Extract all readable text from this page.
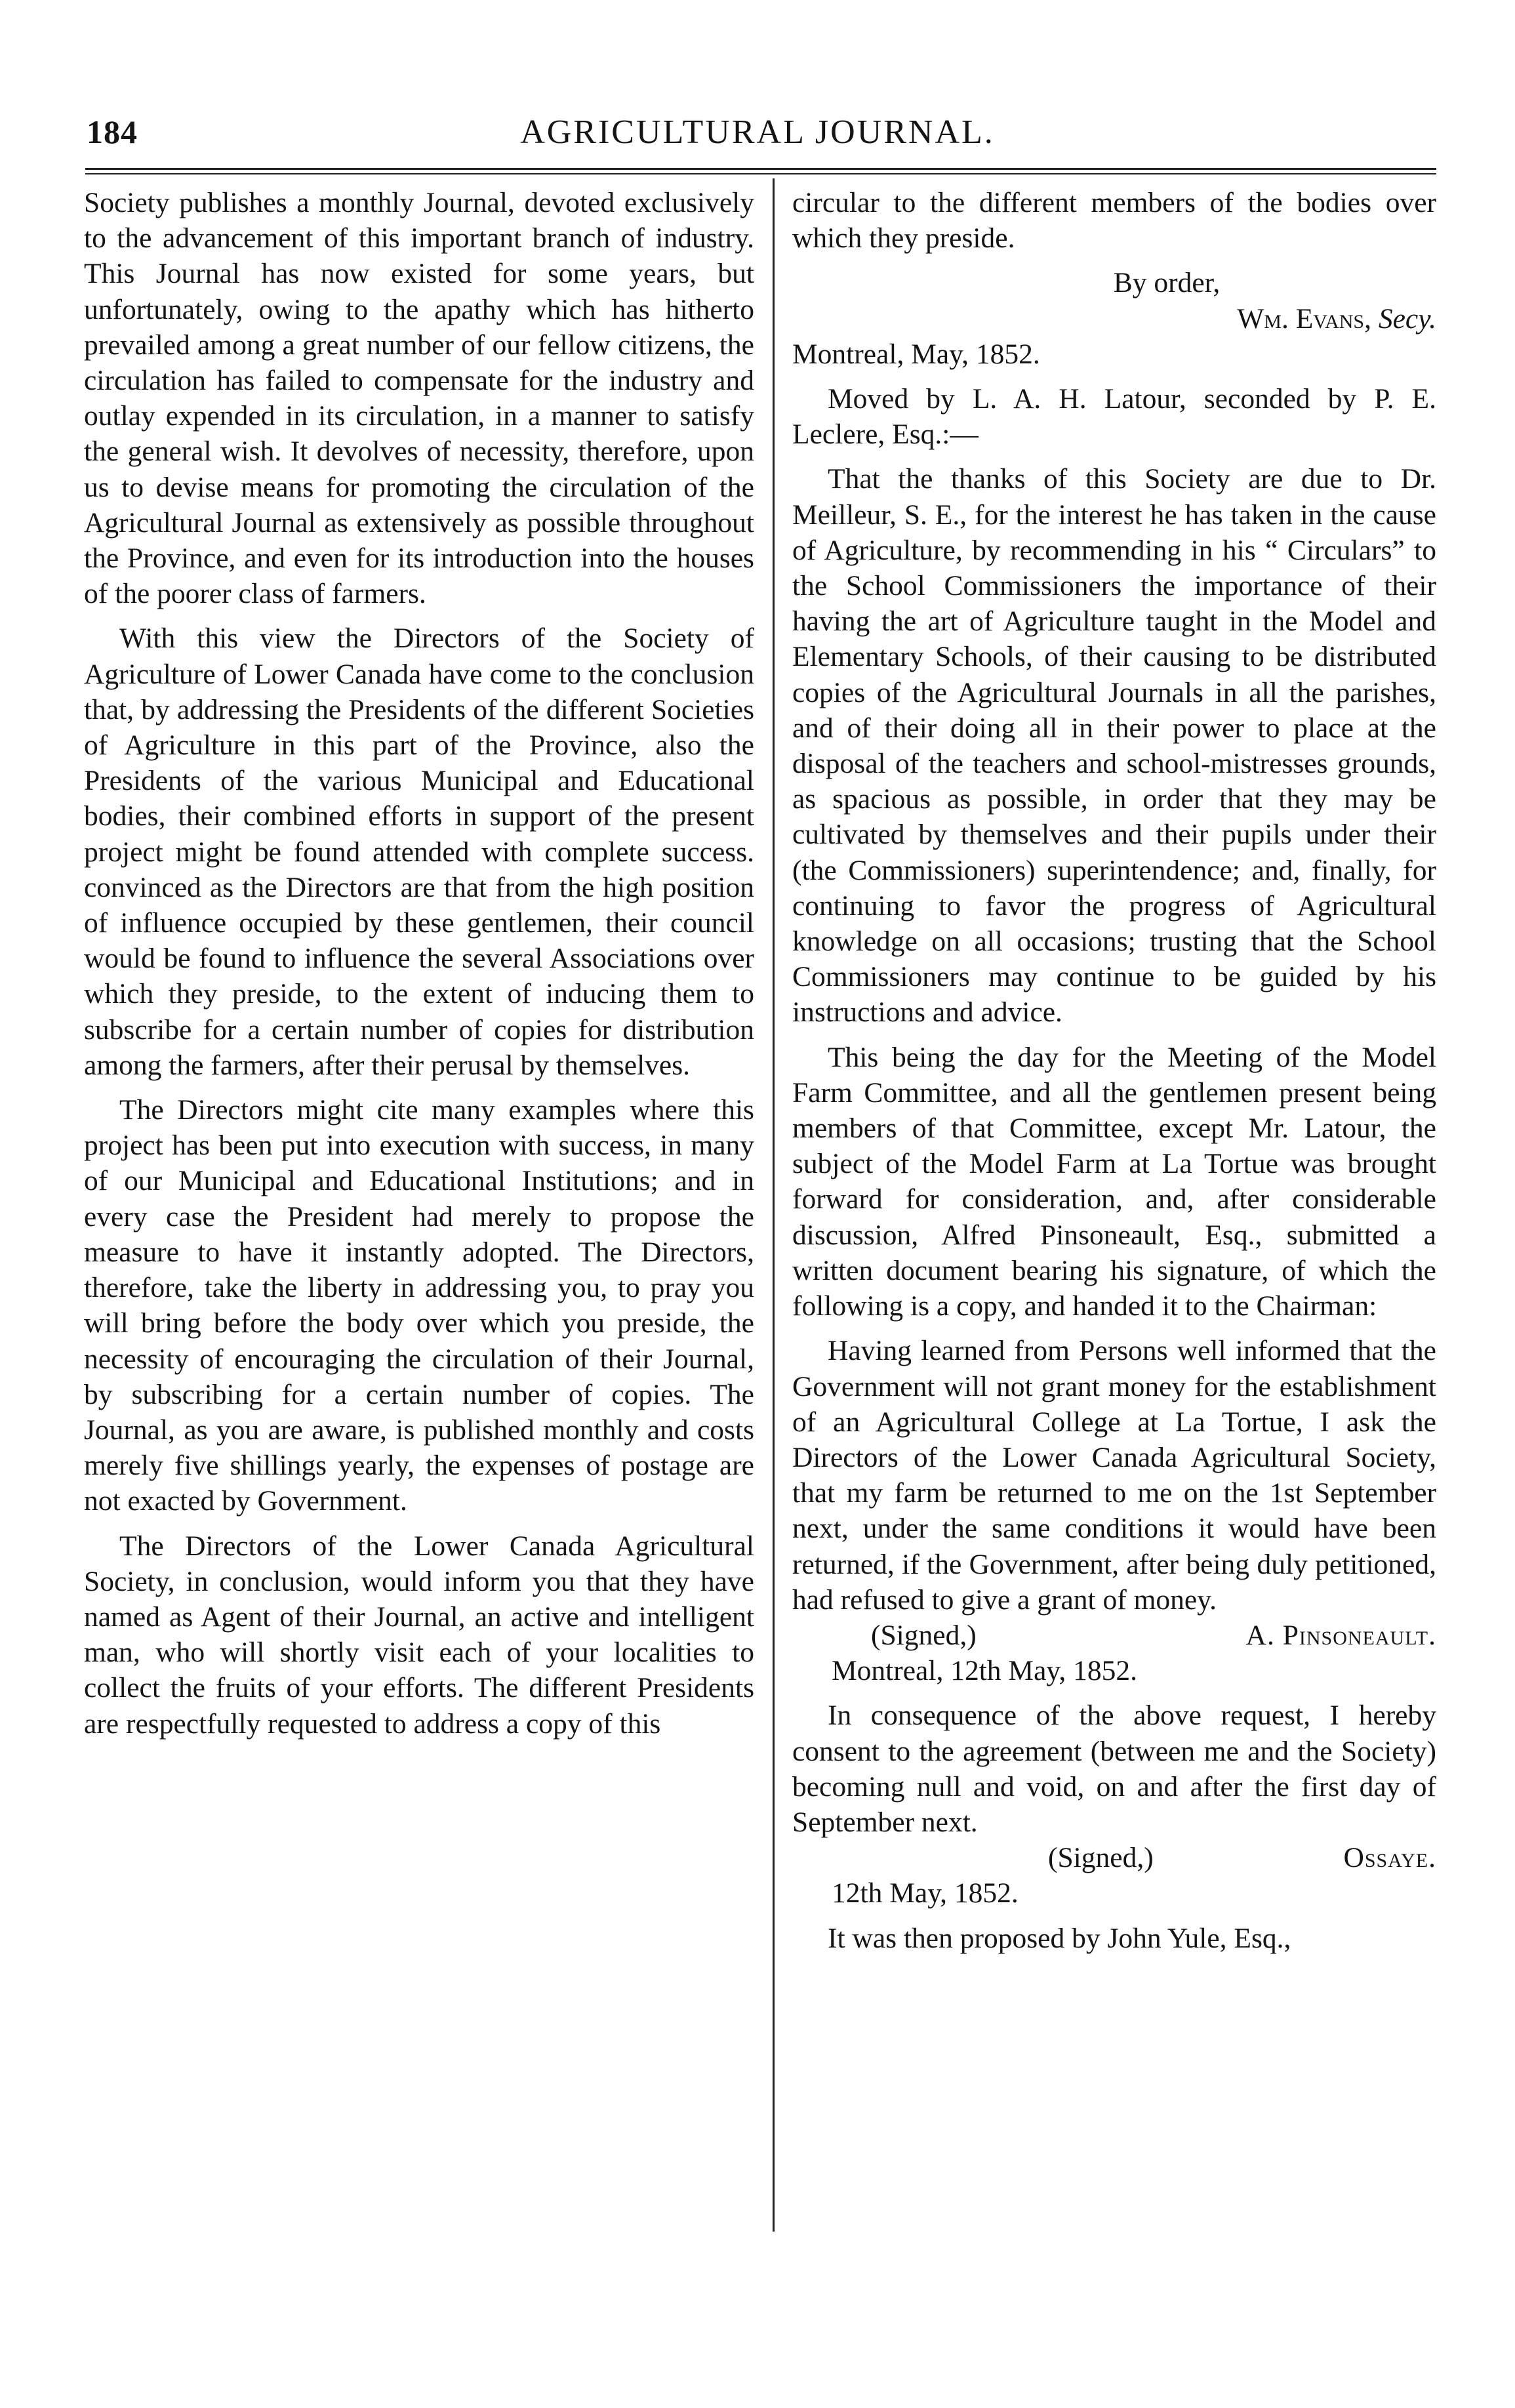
184	AGRICULTURAL JOURNAL.

Society publishes a monthly Journal, devoted exclusively to the advancement of this important branch of industry. This Journal has now existed for some years, but unfortunately, owing to the apathy which has hitherto prevailed among a great number of our fellow citizens, the circulation has failed to compensate for the industry and outlay expended in its circulation, in a manner to satisfy the general wish. It devolves of necessity, therefore, upon us to devise means for promoting the circulation of the Agricultural Journal as extensively as possible throughout the Province, and even for its introduction into the houses of the poorer class of farmers.

With this view the Directors of the Society of Agriculture of Lower Canada have come to the conclusion that, by addressing the Presidents of the different Societies of Agriculture in this part of the Province, also the Presidents of the various Municipal and Educational bodies, their combined efforts in support of the present project might be found attended with complete success. convinced as the Directors are that from the high position of influence occupied by these gentlemen, their council would be found to influence the several Associations over which they preside, to the extent of inducing them to subscribe for a certain number of copies for distribution among the farmers, after their perusal by themselves.

The Directors might cite many examples where this project has been put into execution with success, in many of our Municipal and Educational Institutions; and in every case the President had merely to propose the measure to have it instantly adopted. The Directors, therefore, take the liberty in addressing you, to pray you will bring before the body over which you preside, the necessity of encouraging the circulation of their Journal, by subscribing for a certain number of copies. The Journal, as you are aware, is published monthly and costs merely five shillings yearly, the expenses of postage are not exacted by Government.

The Directors of the Lower Canada Agricultural Society, in conclusion, would inform you that they have named as Agent of their Journal, an active and intelligent man, who will shortly visit each of your localities to collect the fruits of your efforts. The different Presidents are respectfully requested to address a copy of this

circular to the different members of the bodies over which they preside.

By order,
Wm. Evans, Secy.
Montreal, May, 1852.

Moved by L. A. H. Latour, seconded by P. E. Leclere, Esq.:—

That the thanks of this Society are due to Dr. Meilleur, S. E., for the interest he has taken in the cause of Agriculture, by recommending in his “ Circulars” to the School Commissioners the importance of their having the art of Agriculture taught in the Model and Elementary Schools, of their causing to be distributed copies of the Agricultural Journals in all the parishes, and of their doing all in their power to place at the disposal of the teachers and school-mistresses grounds, as spacious as possible, in order that they may be cultivated by themselves and their pupils under their (the Commissioners) superintendence; and, finally, for continuing to favor the progress of Agricultural knowledge on all occasions; trusting that the School Commissioners may continue to be guided by his instructions and advice.

This being the day for the Meeting of the Model Farm Committee, and all the gentlemen present being members of that Committee, except Mr. Latour, the subject of the Model Farm at La Tortue was brought forward for consideration, and, after considerable discussion, Alfred Pinsoneault, Esq., submitted a written document bearing his signature, of which the following is a copy, and handed it to the Chairman:

Having learned from Persons well informed that the Government will not grant money for the establishment of an Agricultural College at La Tortue, I ask the Directors of the Lower Canada Agricultural Society, that my farm be returned to me on the 1st September next, under the same conditions it would have been returned, if the Government, after being duly petitioned, had refused to give a grant of money.

(Signed,)	A. Pinsoneault.
Montreal, 12th May, 1852.

In consequence of the above request, I hereby consent to the agreement (between me and the Society) becoming null and void, on and after the first day of September next.

(Signed,)	Ossaye.
12th May, 1852.

It was then proposed by John Yule, Esq.,
